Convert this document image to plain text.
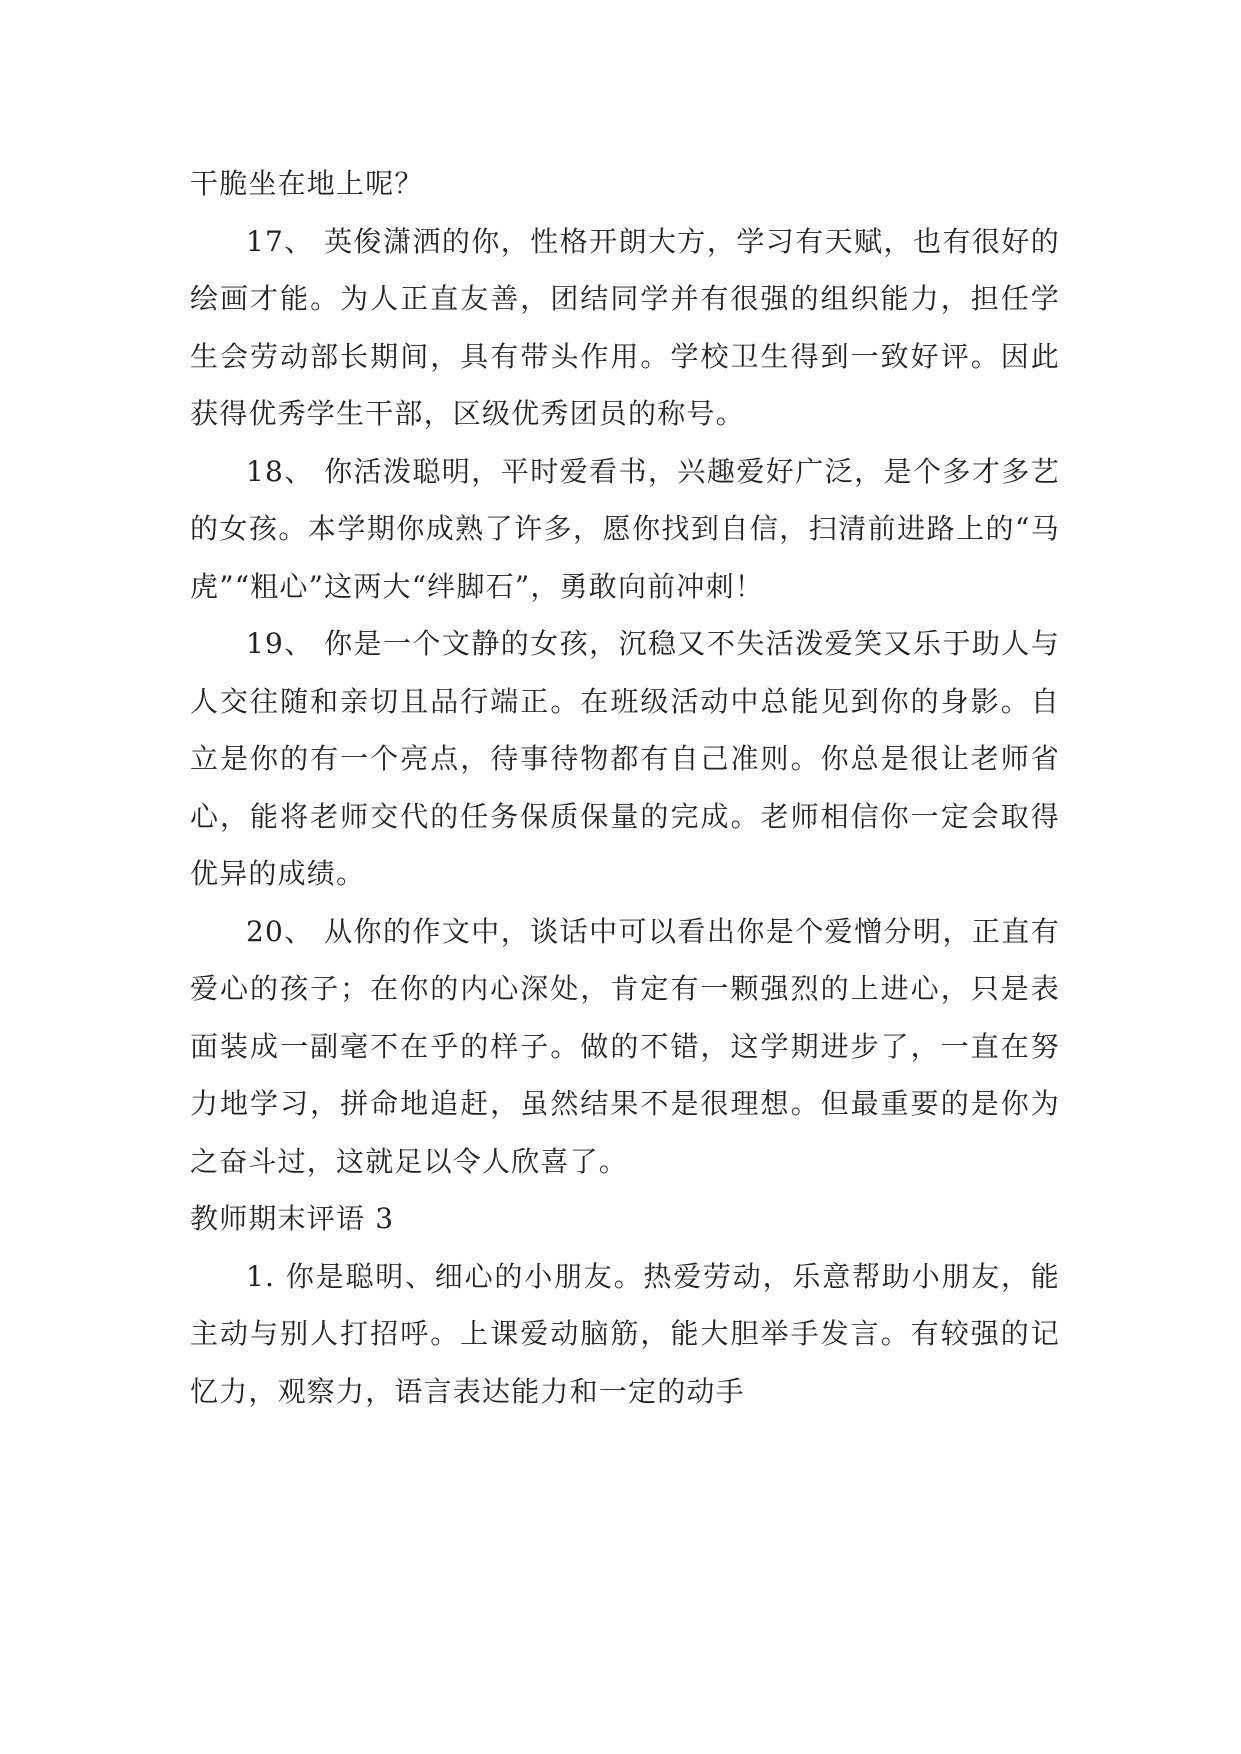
干脆坐在地上呢？

17、 英俊潇洒的你，性格开朗大方，学习有天赋，也有很好的绘画才能。为人正直友善，团结同学并有很强的组织能力，担任学生会劳动部长期间，具有带头作用。学校卫生得到一致好评。因此获得优秀学生干部，区级优秀团员的称号。

18、 你活泼聪明，平时爱看书，兴趣爱好广泛，是个多才多艺的女孩。本学期你成熟了许多，愿你找到自信，扫清前进路上的“马虎”“粗心”这两大“绊脚石”，勇敢向前冲刺！

19、 你是一个文静的女孩，沉稳又不失活泼爱笑又乐于助人与人交往随和亲切且品行端正。在班级活动中总能见到你的身影。自立是你的有一个亮点，待事待物都有自己准则。你总是很让老师省心，能将老师交代的任务保质保量的完成。老师相信你一定会取得优异的成绩。

20、 从你的作文中，谈话中可以看出你是个爱憎分明，正直有爱心的孩子；在你的内心深处，肯定有一颗强烈的上进心，只是表面装成一副毫不在乎的样子。做的不错，这学期进步了，一直在努力地学习，拼命地追赶，虽然结果不是很理想。但最重要的是你为之奋斗过，这就足以令人欣喜了。

教师期末评语 3

1. 你是聪明、细心的小朋友。热爱劳动，乐意帮助小朋友，能主动与别人打招呼。上课爱动脑筋，能大胆举手发言。有较强的记忆力，观察力，语言表达能力和一定的动手
